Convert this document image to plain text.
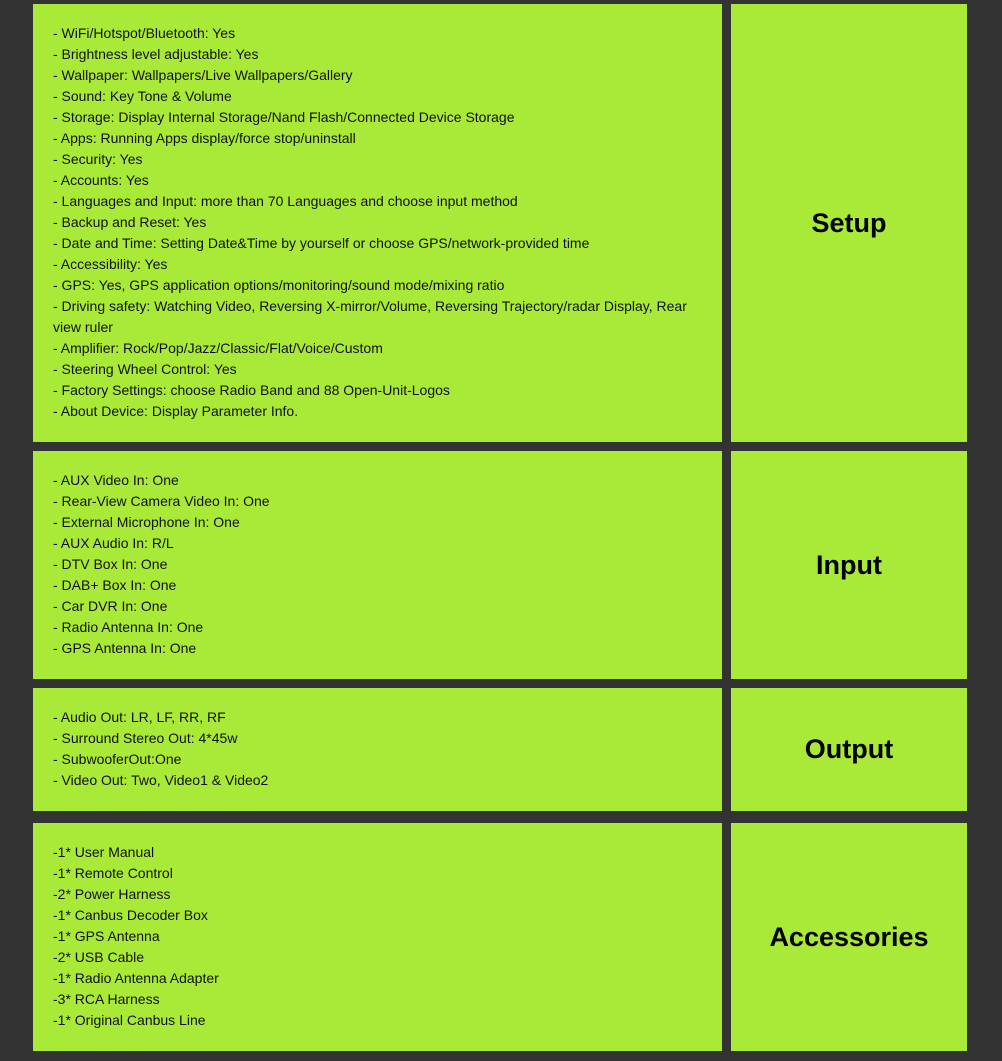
- WiFi/Hotspot/Bluetooth: Yes
- Brightness level adjustable: Yes
- Wallpaper: Wallpapers/Live Wallpapers/Gallery
- Sound: Key Tone & Volume
- Storage: Display Internal Storage/Nand Flash/Connected Device Storage
- Apps: Running Apps display/force stop/uninstall
- Security: Yes
- Accounts: Yes
- Languages and Input: more than 70 Languages and choose input method
- Backup and Reset: Yes
- Date and Time: Setting Date&Time by yourself or choose GPS/network-provided time
- Accessibility: Yes
- GPS: Yes, GPS application options/monitoring/sound mode/mixing ratio
- Driving safety: Watching Video, Reversing X-mirror/Volume, Reversing Trajectory/radar Display, Rear view ruler
- Amplifier: Rock/Pop/Jazz/Classic/Flat/Voice/Custom
- Steering Wheel Control: Yes
- Factory Settings: choose Radio Band and 88 Open-Unit-Logos
- About Device: Display Parameter Info.
Setup
- AUX Video In: One
- Rear-View Camera Video In: One
- External Microphone In: One
- AUX Audio In: R/L
- DTV Box In: One
- DAB+ Box In: One
- Car DVR In: One
- Radio Antenna In: One
- GPS Antenna In: One
Input
- Audio Out: LR, LF, RR, RF
- Surround Stereo Out: 4*45w
- SubwooferOut:One
- Video Out: Two, Video1 & Video2
Output
-1* User Manual
-1* Remote Control
-2* Power Harness
-1* Canbus Decoder Box
-1* GPS Antenna
-2* USB Cable
-1* Radio Antenna Adapter
-3* RCA Harness
-1* Original Canbus Line
Accessories
